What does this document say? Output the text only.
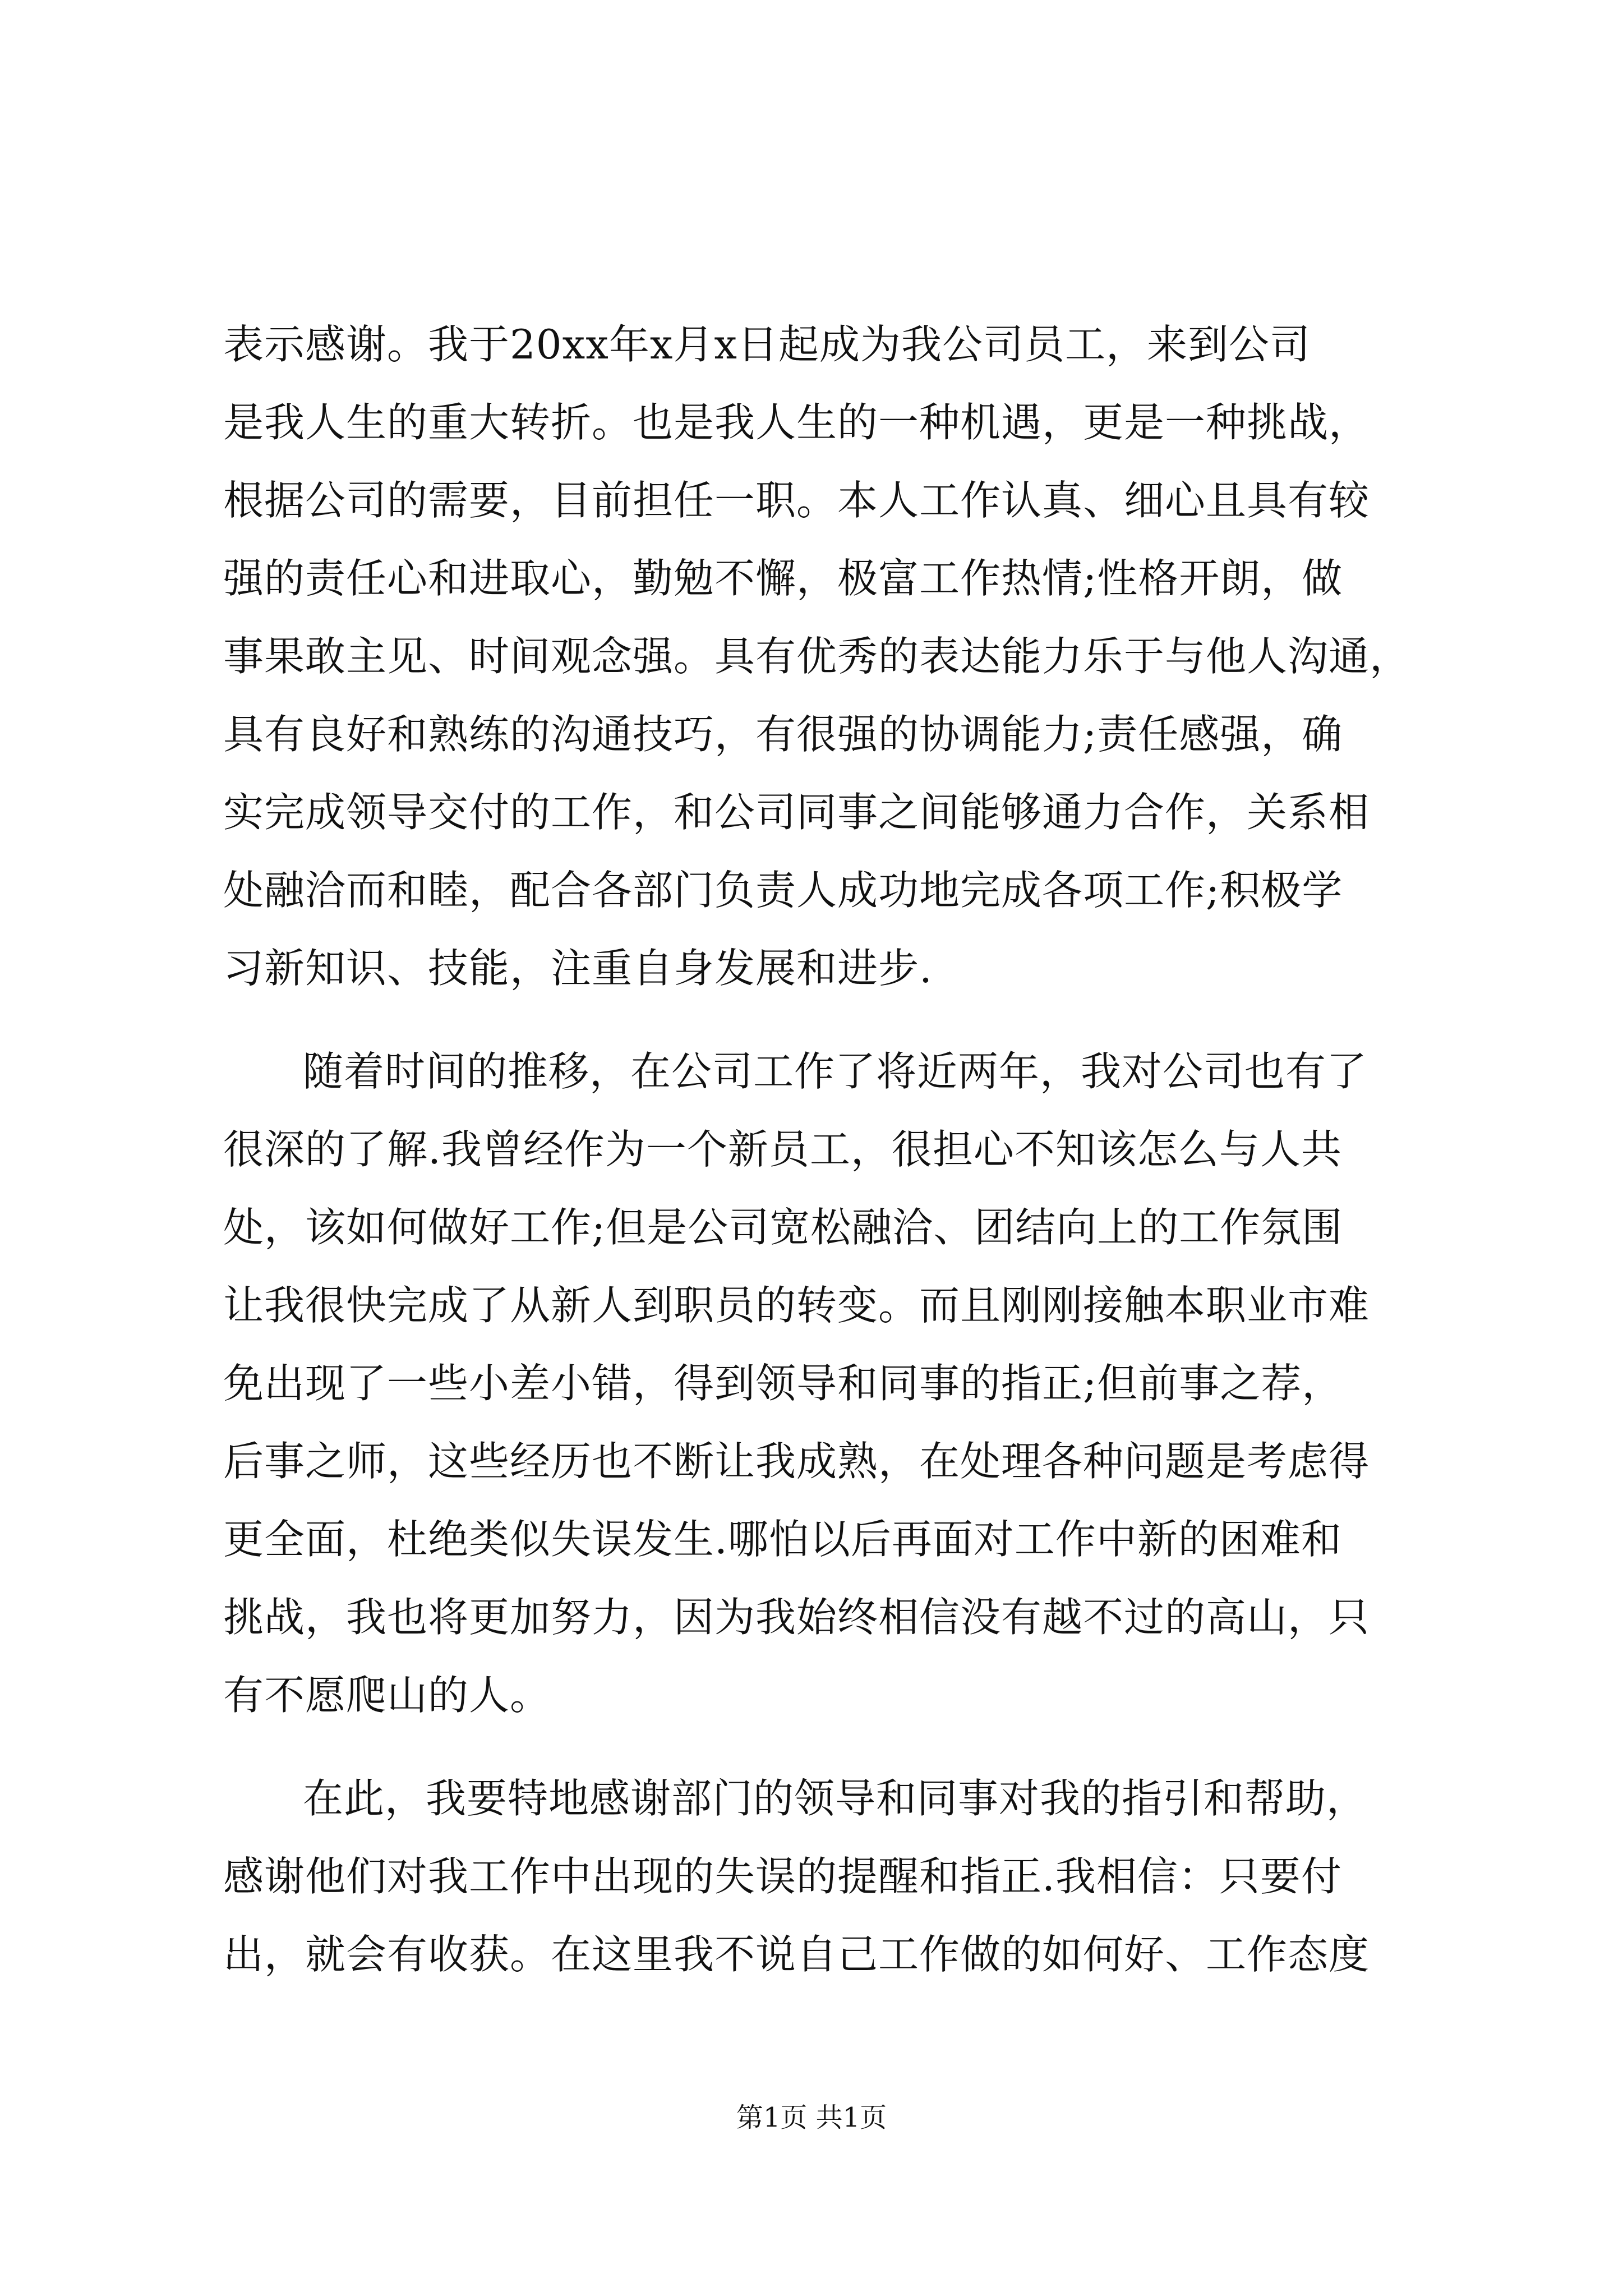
表示感谢。我于20xx年x月x日起成为我公司员工，来到公司
是我人生的重大转折。也是我人生的一种机遇，更是一种挑战，
根据公司的需要，目前担任一职。本人工作认真、细心且具有较
强的责任心和进取心，勤勉不懈，极富工作热情;性格开朗，做
事果敢主见、时间观念强。具有优秀的表达能力乐于与他人沟通，
具有良好和熟练的沟通技巧，有很强的协调能力;责任感强，确
实完成领导交付的工作，和公司同事之间能够通力合作，关系相
处融洽而和睦，配合各部门负责人成功地完成各项工作;积极学
习新知识、技能，注重自身发展和进步.
随着时间的推移，在公司工作了将近两年，我对公司也有了
很深的了解.我曾经作为一个新员工，很担心不知该怎么与人共
处，该如何做好工作;但是公司宽松融洽、团结向上的工作氛围
让我很快完成了从新人到职员的转变。而且刚刚接触本职业市难
免出现了一些小差小错，得到领导和同事的指正;但前事之荐，
后事之师，这些经历也不断让我成熟，在处理各种问题是考虑得
更全面，杜绝类似失误发生.哪怕以后再面对工作中新的困难和
挑战，我也将更加努力，因为我始终相信没有越不过的高山，只
有不愿爬山的人。
在此，我要特地感谢部门的领导和同事对我的指引和帮助，
感谢他们对我工作中出现的失误的提醒和指正.我相信：只要付
出，就会有收获。在这里我不说自己工作做的如何好、工作态度
第1页 共1页
